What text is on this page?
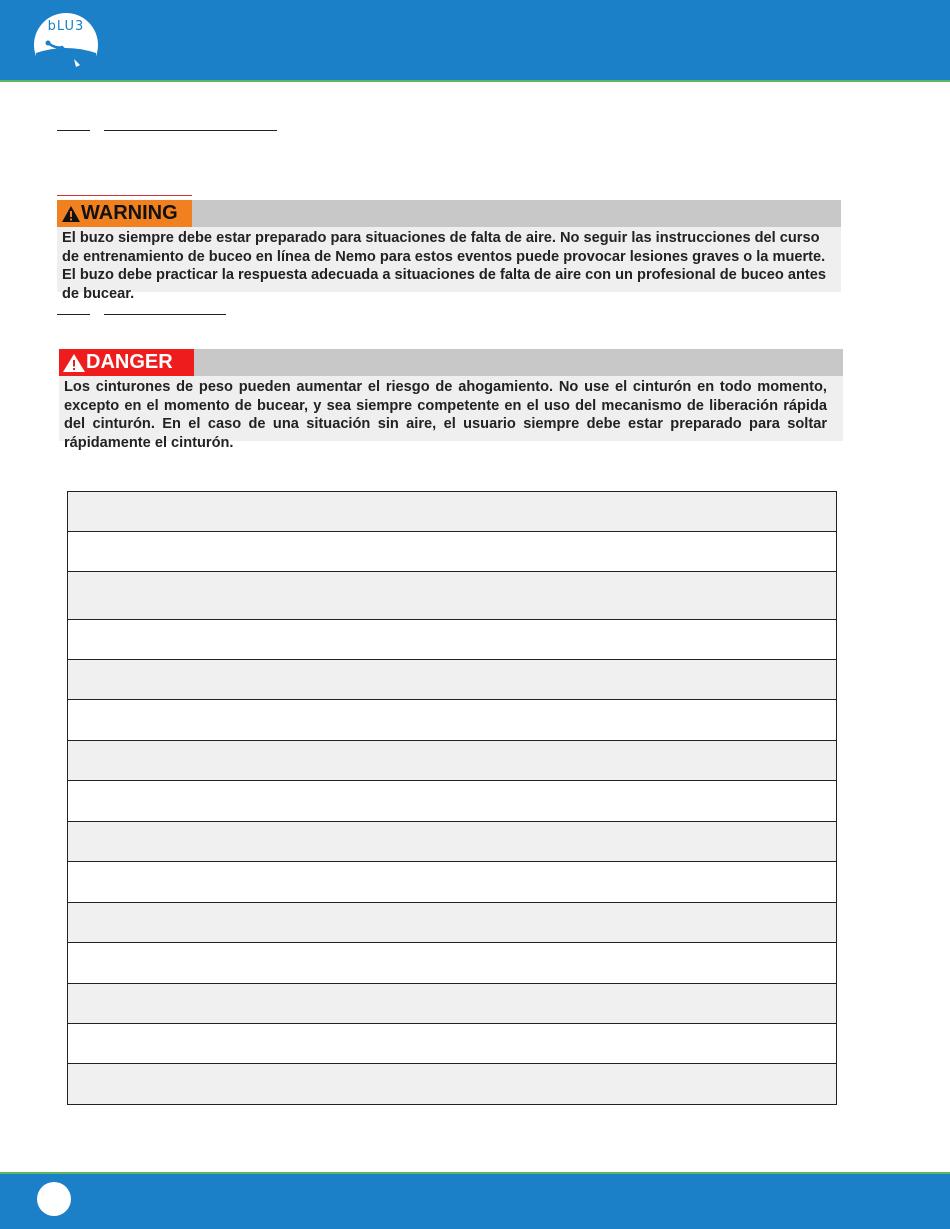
bLU3
WARNING
El buzo siempre debe estar preparado para situaciones de falta de aire. No seguir las instrucciones del curso de entrenamiento de buceo en línea de Nemo para estos eventos puede provocar lesiones graves o la muerte. El buzo debe practicar la respuesta adecuada a situaciones de falta de aire con un profesional de buceo antes de bucear.
DANGER
Los cinturones de peso pueden aumentar el riesgo de ahogamiento. No use el cinturón en todo momento, excepto en el momento de bucear, y sea siempre competente en el uso del mecanismo de liberación rápida del cinturón. En el caso de una situación sin aire, el usuario siempre debe estar preparado para soltar rápidamente el cinturón.
